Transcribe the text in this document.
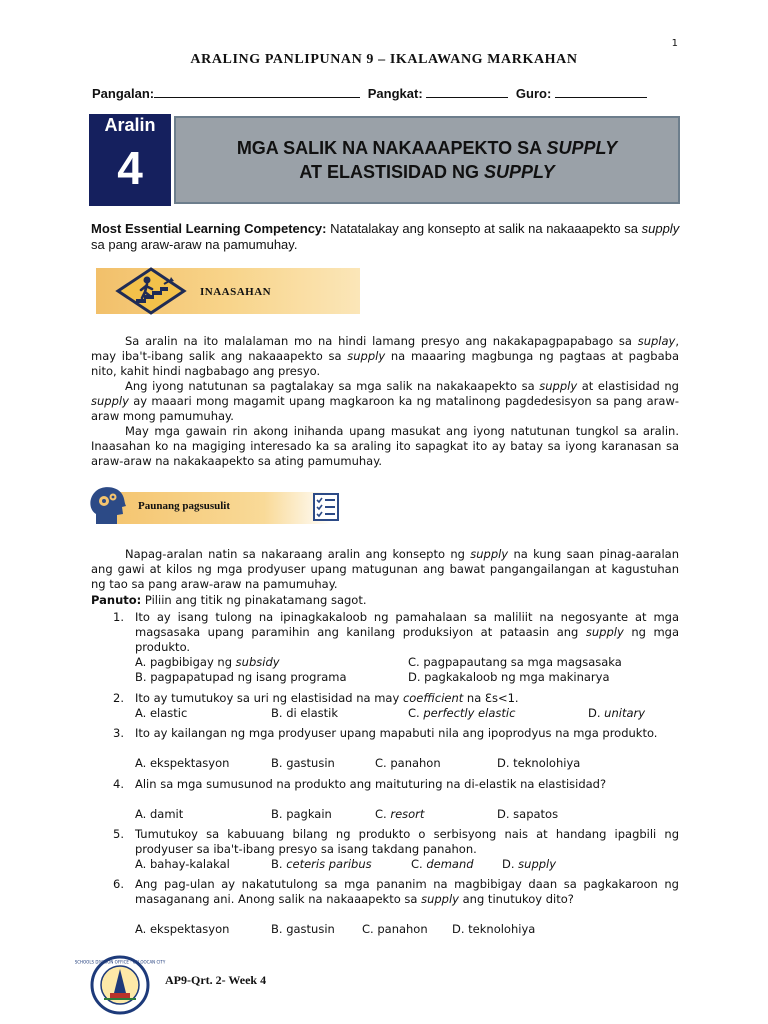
1
ARALING PANLIPUNAN 9 – IKALAWANG MARKAHAN
Pangalan:	Pangkat:	Guro:
Aralin
4	MGA SALIK NA NAKAAAPEKTO SA SUPPLY
AT ELASTISIDAD NG SUPPLY
Most Essential Learning Competency: Natatalakay ang konsepto at salik na nakaaapekto sa supply sa pang araw-araw na pamumuhay.
INAASAHAN

Sa aralin na ito malalaman mo na hindi lamang presyo ang nakakapagpapabago sa suplay, may iba't-ibang salik ang nakaaapekto sa supply na maaaring magbunga ng pagtaas at pagbaba nito, kahit hindi nagbabago ang presyo.

Ang iyong natutunan sa pagtalakay sa mga salik na nakakaapekto sa supply at elastisidad ng supply ay maaari mong magamit upang magkaroon ka ng matalinong pagdedesisyon sa pang araw-araw mong pamumuhay.

May mga gawain rin akong inihanda upang masukat ang iyong natutunan tungkol sa aralin. Inaasahan ko na magiging interesado ka sa araling ito sapagkat ito ay batay sa iyong karanasan sa araw-araw na nakakaapekto sa ating pamumuhay.

Paunang pagsusulit

Napag-aralan natin sa nakaraang aralin ang konsepto ng supply na kung saan pinag-aaralan ang gawi at kilos ng mga prodyuser upang matugunan ang bawat pangangailangan at kagustuhan ng tao sa pang araw-araw na pamumuhay.

Panuto: Piliin ang titik ng pinakatamang sagot.

1. Ito ay isang tulong na ipinagkakaloob ng pamahalaan sa maliliit na negosyante at mga magsasaka upang paramihin ang kanilang produksiyon at pataasin ang supply ng mga produkto.
A. pagbibigay ng subsidy	C. pagpapautang sa mga magsasaka
B. pagpapatupad ng isang programa	D. pagkakaloob ng mga makinarya
2. Ito ay tumutukoy sa uri ng elastisidad na may coefficient na Ɛs<1.
A. elastic	B. di elastik	C. perfectly elastic	D. unitary
3. Ito ay kailangan ng mga prodyuser upang mapabuti nila ang ipoprodyus na mga produkto.
A. ekspektasyon	B. gastusin	C. panahon	D. teknolohiya
4. Alin sa mga sumusunod na produkto ang maituturing na di-elastik na elastisidad?
A. damit	B. pagkain	C. resort	D. sapatos
5. Tumutukoy sa kabuuang bilang ng produkto o serbisyong nais at handang ipagbili ng prodyuser sa iba't-ibang presyo sa isang takdang panahon.
A. bahay-kalakal	B. ceteris paribus	C. demand D. supply
6. Ang pag-ulan ay nakatutulong sa mga pananim na magbibigay daan sa pagkakaroon ng masaganang ani. Anong salik na nakaaapekto sa supply ang tinutukoy dito?
A. ekspektasyon	B. gastusin C. panahon D. teknolohiya
SCHOOLS DIVISION OFFICE · CALOOCAN CITY
AP9-Qrt. 2- Week 4
